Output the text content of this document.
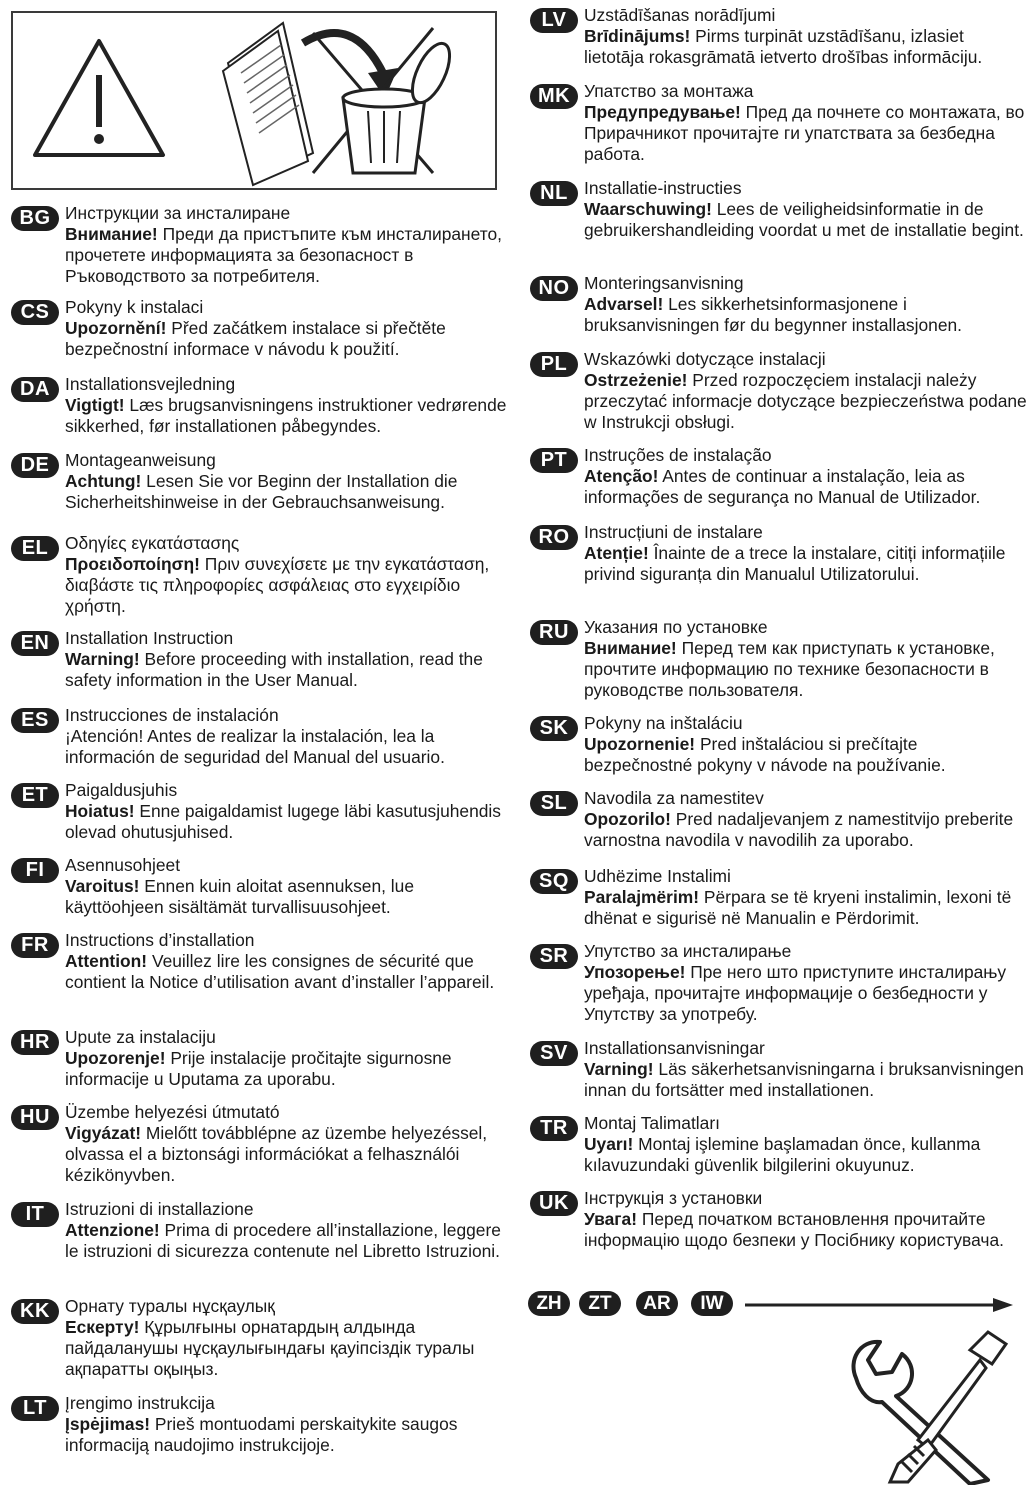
BG Инструкции за инсталиране
Внимание! Преди да пристъпите към инсталирането, прочетете информацията за безопасност в Ръководството за потребителя.
CS Pokyny k instalaci
Upozornění! Před začátkem instalace si přečtěte bezpečnostní informace v návodu k použití.
DA Installationsvejledning
Vigtigt! Læs brugsanvisningens instruktioner vedrørende sikkerhed, før installationen påbegyndes.
DE Montageanweisung
Achtung! Lesen Sie vor Beginn der Installation die Sicherheitshinweise in der Gebrauchsanweisung.
EL Οδηγίες εγκατάστασης
Προειδοποίηση! Πριν συνεχίσετε με την εγκατάσταση, διαβάστε τις πληροφορίες ασφάλειας στο εγχειρίδιο χρήστη.
EN Installation Instruction
Warning! Before proceeding with installation, read the safety information in the User Manual.
ES Instrucciones de instalación
¡Atención! Antes de realizar la instalación, lea la información de seguridad del Manual del usuario.
ET Paigaldusjuhis
Hoiatus! Enne paigaldamist lugege läbi kasutusjuhendis olevad ohutusjuhised.
FI	Asennusohjeet
Varoitus! Ennen kuin aloitat asennuksen, lue käyttöohjeen sisältämät turvallisuusohjeet.
FR Instructions d’installation
Attention! Veuillez lire les consignes de sécurité que contient la Notice d’utilisation avant d’installer l’appareil.
HR Upute za instalaciju
Upozorenje! Prije instalacije pročitajte sigurnosne informacije u Uputama za uporabu.
HU Üzembe helyezési útmutató
Vigyázat! Mielőtt továbblépne az üzembe helyezéssel, olvassa el a biztonsági információkat a felhasználói kézikönyvben.
IT	Istruzioni di installazione
Attenzione! Prima di procedere all’installazione, leggere le istruzioni di sicurezza contenute nel Libretto Istruzioni.
KK Орнату туралы нұсқаулық
Ескерту! Құрылғыны орнатардың алдында пайдаланушы нұсқаулығындағы қауіпсіздік туралы ақпаратты оқыңыз.
LT	Įrengimo instrukcija
Įspėjimas! Prieš montuodami perskaitykite saugos informaciją naudojimo instrukcijoje.
LV	Uzstādīšanas norādījumi
Brīdinājums! Pirms turpināt uzstādīšanu, izlasiet lietotāja rokasgrāmatā ietverto drošības informāciju.
MK Упатство за монтажа
Предупредување! Пред да почнете со монтажата, во Прирачникот прочитајте ги упатствата за безбедна работа.
NL Installatie-instructies
Waarschuwing! Lees de veiligheidsinformatie in de gebruikershandleiding voordat u met de installatie begint.
NO Monteringsanvisning
Advarsel! Les sikkerhetsinformasjonene i bruksanvisningen før du begynner installasjonen.
PL Wskazówki dotyczące instalacji
Ostrzeżenie! Przed rozpoczęciem instalacji należy przeczytać informacje dotyczące bezpieczeństwa podane w Instrukcji obsługi.
PT Instruções de instalação
Atenção! Antes de continuar a instalação, leia as informações de segurança no Manual de Utilizador.
RO Instrucțiuni de instalare
Atenție! Înainte de a trece la instalare, citiți informațiile privind siguranța din Manualul Utilizatorului.
RU Указания по установке
Внимание! Перед тем как приступать к установке, прочтите информацию по технике безопасности в руководстве пользователя.
SK Pokyny na inštaláciu
Upozornenie! Pred inštaláciou si prečítajte bezpečnostné pokyny v návode na používanie.
SL Navodila za namestitev
Opozorilo! Pred nadaljevanjem z namestitvijo preberite varnostna navodila v navodilih za uporabo.
SQ Udhëzime Instalimi
Paralajmërim! Përpara se të kryeni instalimin, lexoni të dhënat e sigurisë në Manualin e Përdorimit.
SR Упутство за инсталирање
Упозорење! Пре него што приступите инсталирању уређаја, прочитајте информације о безбедности у Упутству за употребу.
SV Installationsanvisningar
Varning! Läs säkerhetsanvisningarna i bruksanvisningen innan du fortsätter med installationen.
TR Montaj Talimatları
Uyarı! Montaj işlemine başlamadan önce, kullanma kılavuzundaki güvenlik bilgilerini okuyunuz.
UK Інструкція з установки
Увага! Перед початком встановлення прочитайте інформацію щодо безпеки у Посібнику користувача.
ZH	ZT	AR	IW
